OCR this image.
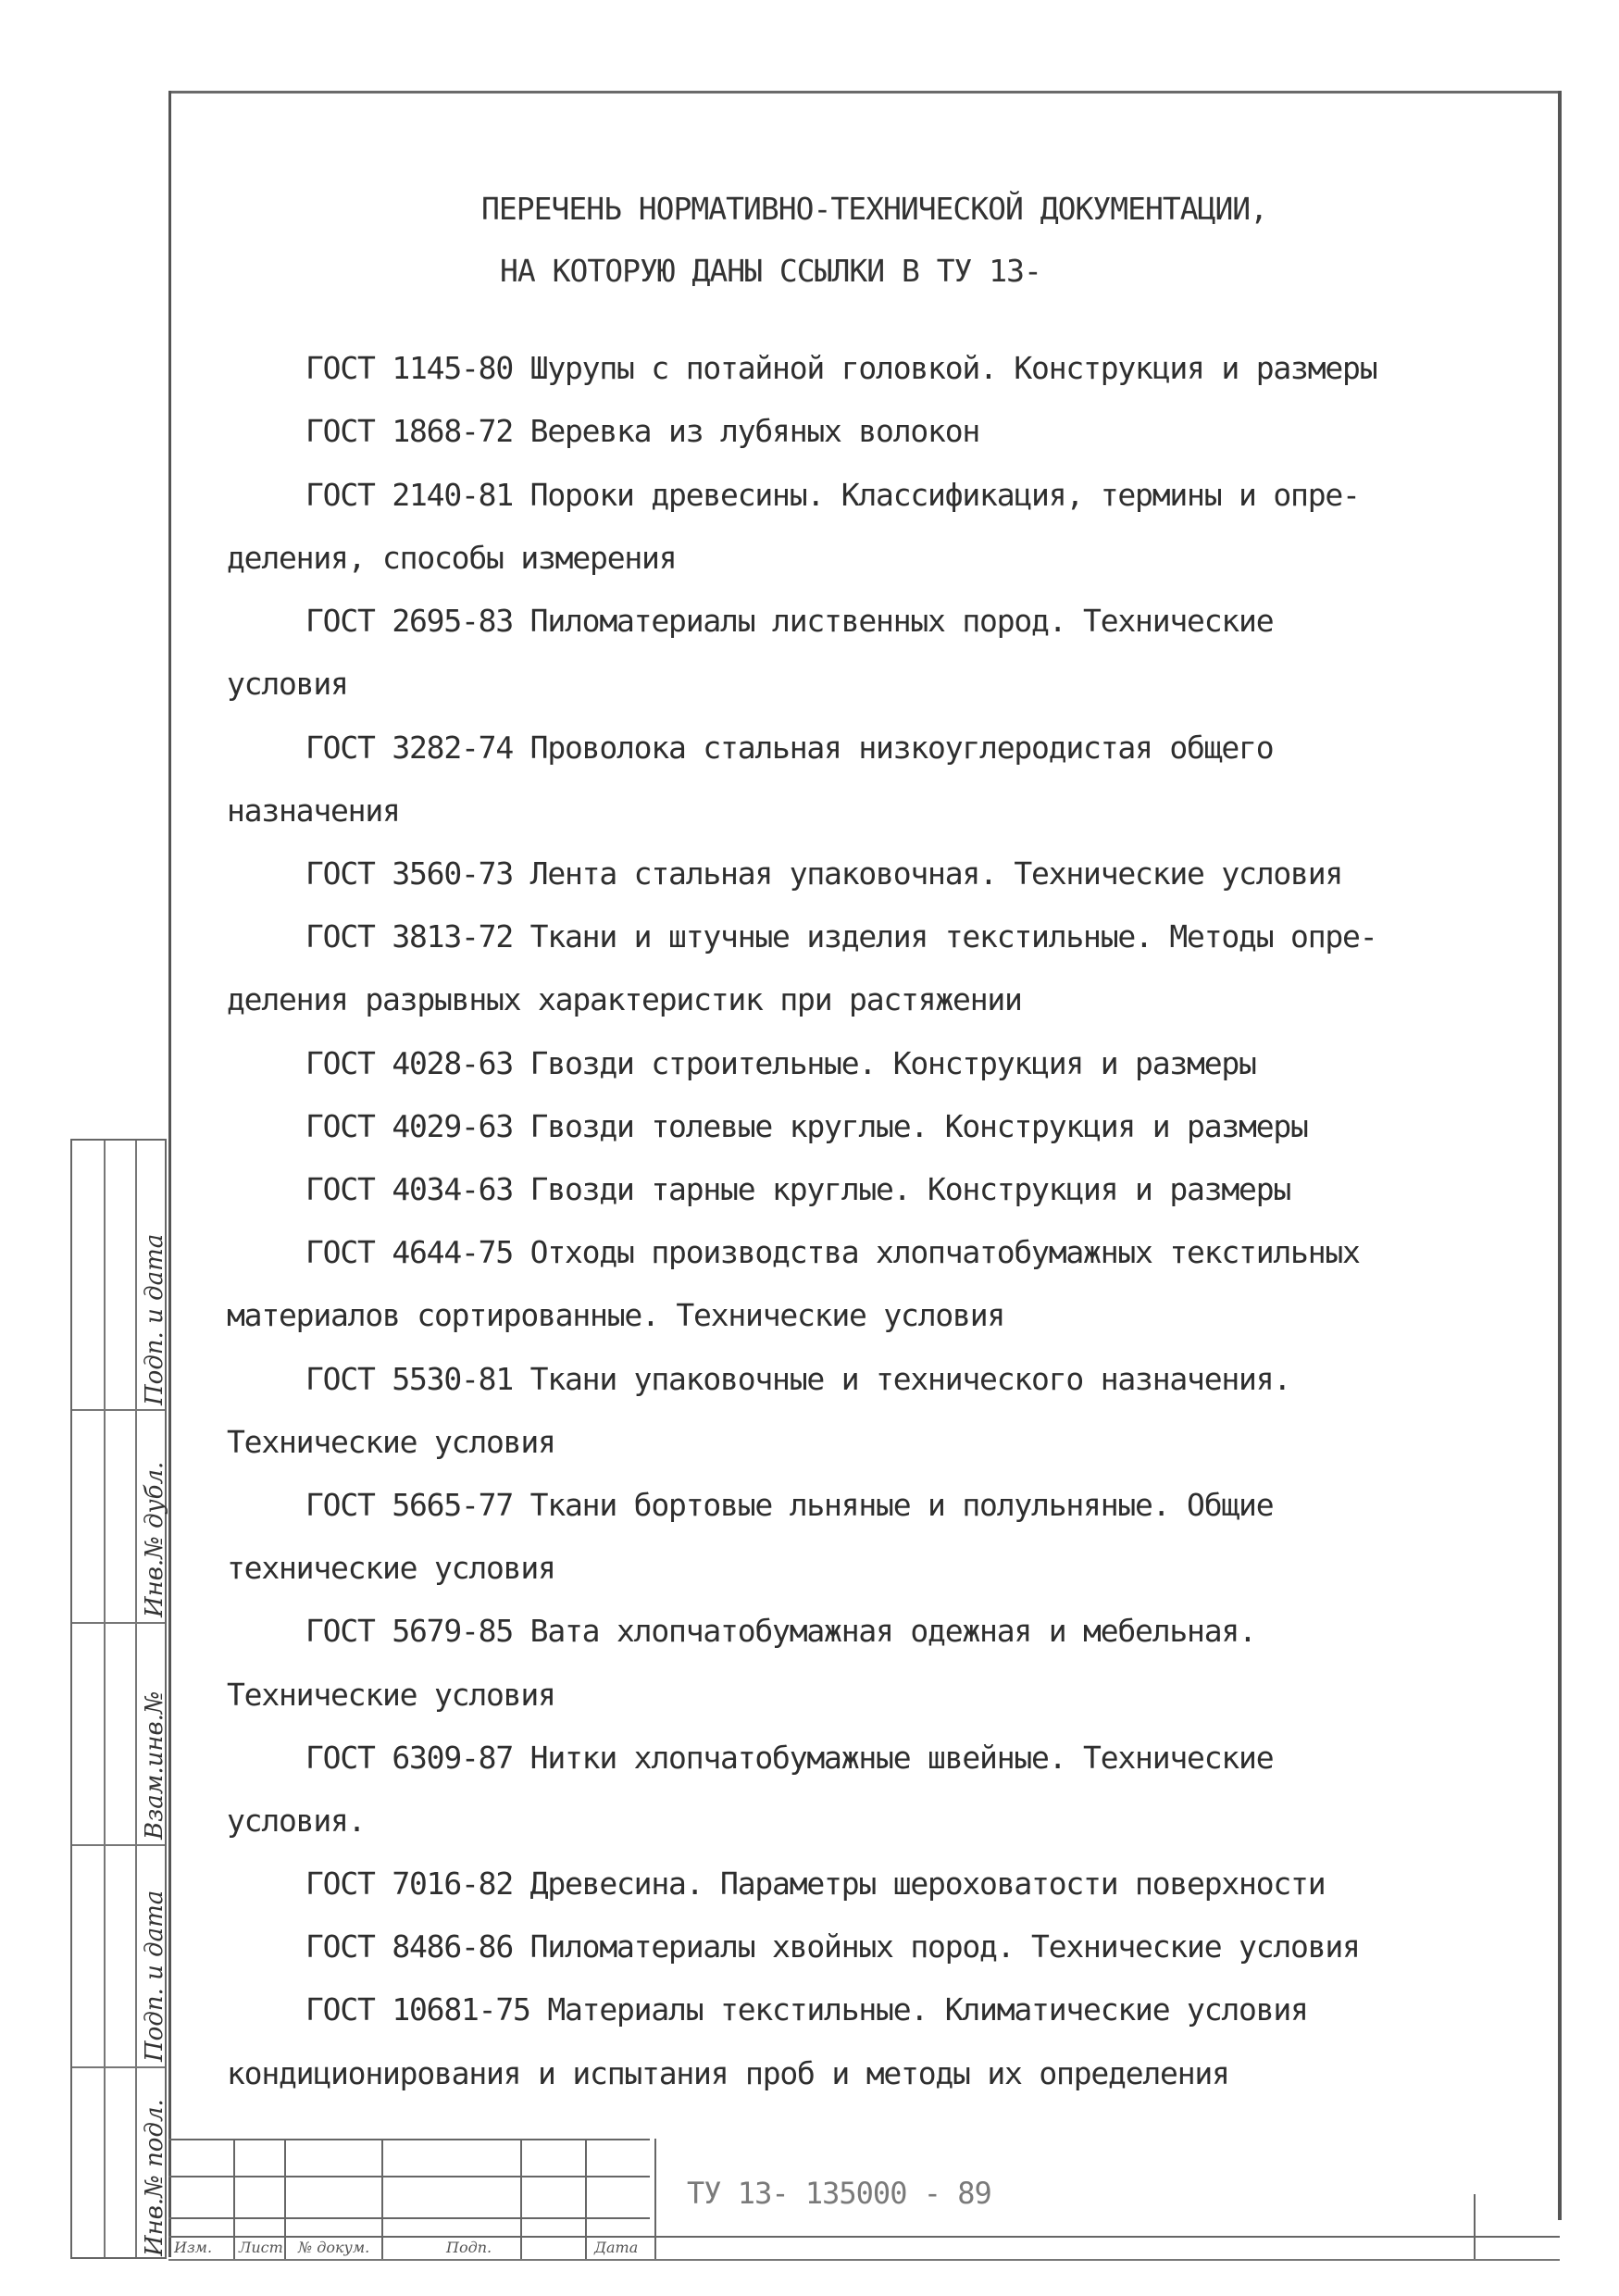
ПЕРЕЧЕНЬ НОРМАТИВНО-ТЕХНИЧЕСКОЙ ДОКУМЕНТАЦИИ,
НА КОТОРУЮ ДАНЫ ССЫЛКИ В ТУ 13-
ГОСТ 1145-80 Шурупы с потайной головкой. Конструкция и размеры
ГОСТ 1868-72 Веревка из лубяных волокон
ГОСТ 2140-81 Пороки древесины. Классификация, термины и опре-
деления, способы измерения
ГОСТ 2695-83 Пиломатериалы лиственных пород. Технические
условия
ГОСТ 3282-74 Проволока стальная низкоуглеродистая общего
назначения
ГОСТ 3560-73 Лента стальная упаковочная. Технические условия
ГОСТ 3813-72 Ткани и штучные изделия текстильные. Методы опре-
деления разрывных характеристик при растяжении
ГОСТ 4028-63 Гвозди строительные. Конструкция и размеры
ГОСТ 4029-63 Гвозди толевые круглые. Конструкция и размеры
ГОСТ 4034-63 Гвозди тарные круглые. Конструкция и размеры
ГОСТ 4644-75 Отходы производства хлопчатобумажных текстильных
материалов сортированные. Технические условия
ГОСТ 5530-81 Ткани упаковочные и технического назначения.
Технические условия
ГОСТ 5665-77 Ткани бортовые льняные и полульняные. Общие
технические условия
ГОСТ 5679-85 Вата хлопчатобумажная одежная и мебельная.
Технические условия
ГОСТ 6309-87 Нитки хлопчатобумажные швейные. Технические
условия.
ГОСТ 7016-82 Древесина. Параметры шероховатости поверхности
ГОСТ 8486-86 Пиломатериалы хвойных пород. Технические условия
ГОСТ 10681-75 Материалы текстильные. Климатические условия
кондиционирования и испытания проб и методы их определения
Подп. и дата
Инв.№ дубл.
Взам.инв.№
Подп. и дата
Инв.№ подл. Изм. Лист № докум.	Подп.	Дата
ТУ 13- 135000 - 89
